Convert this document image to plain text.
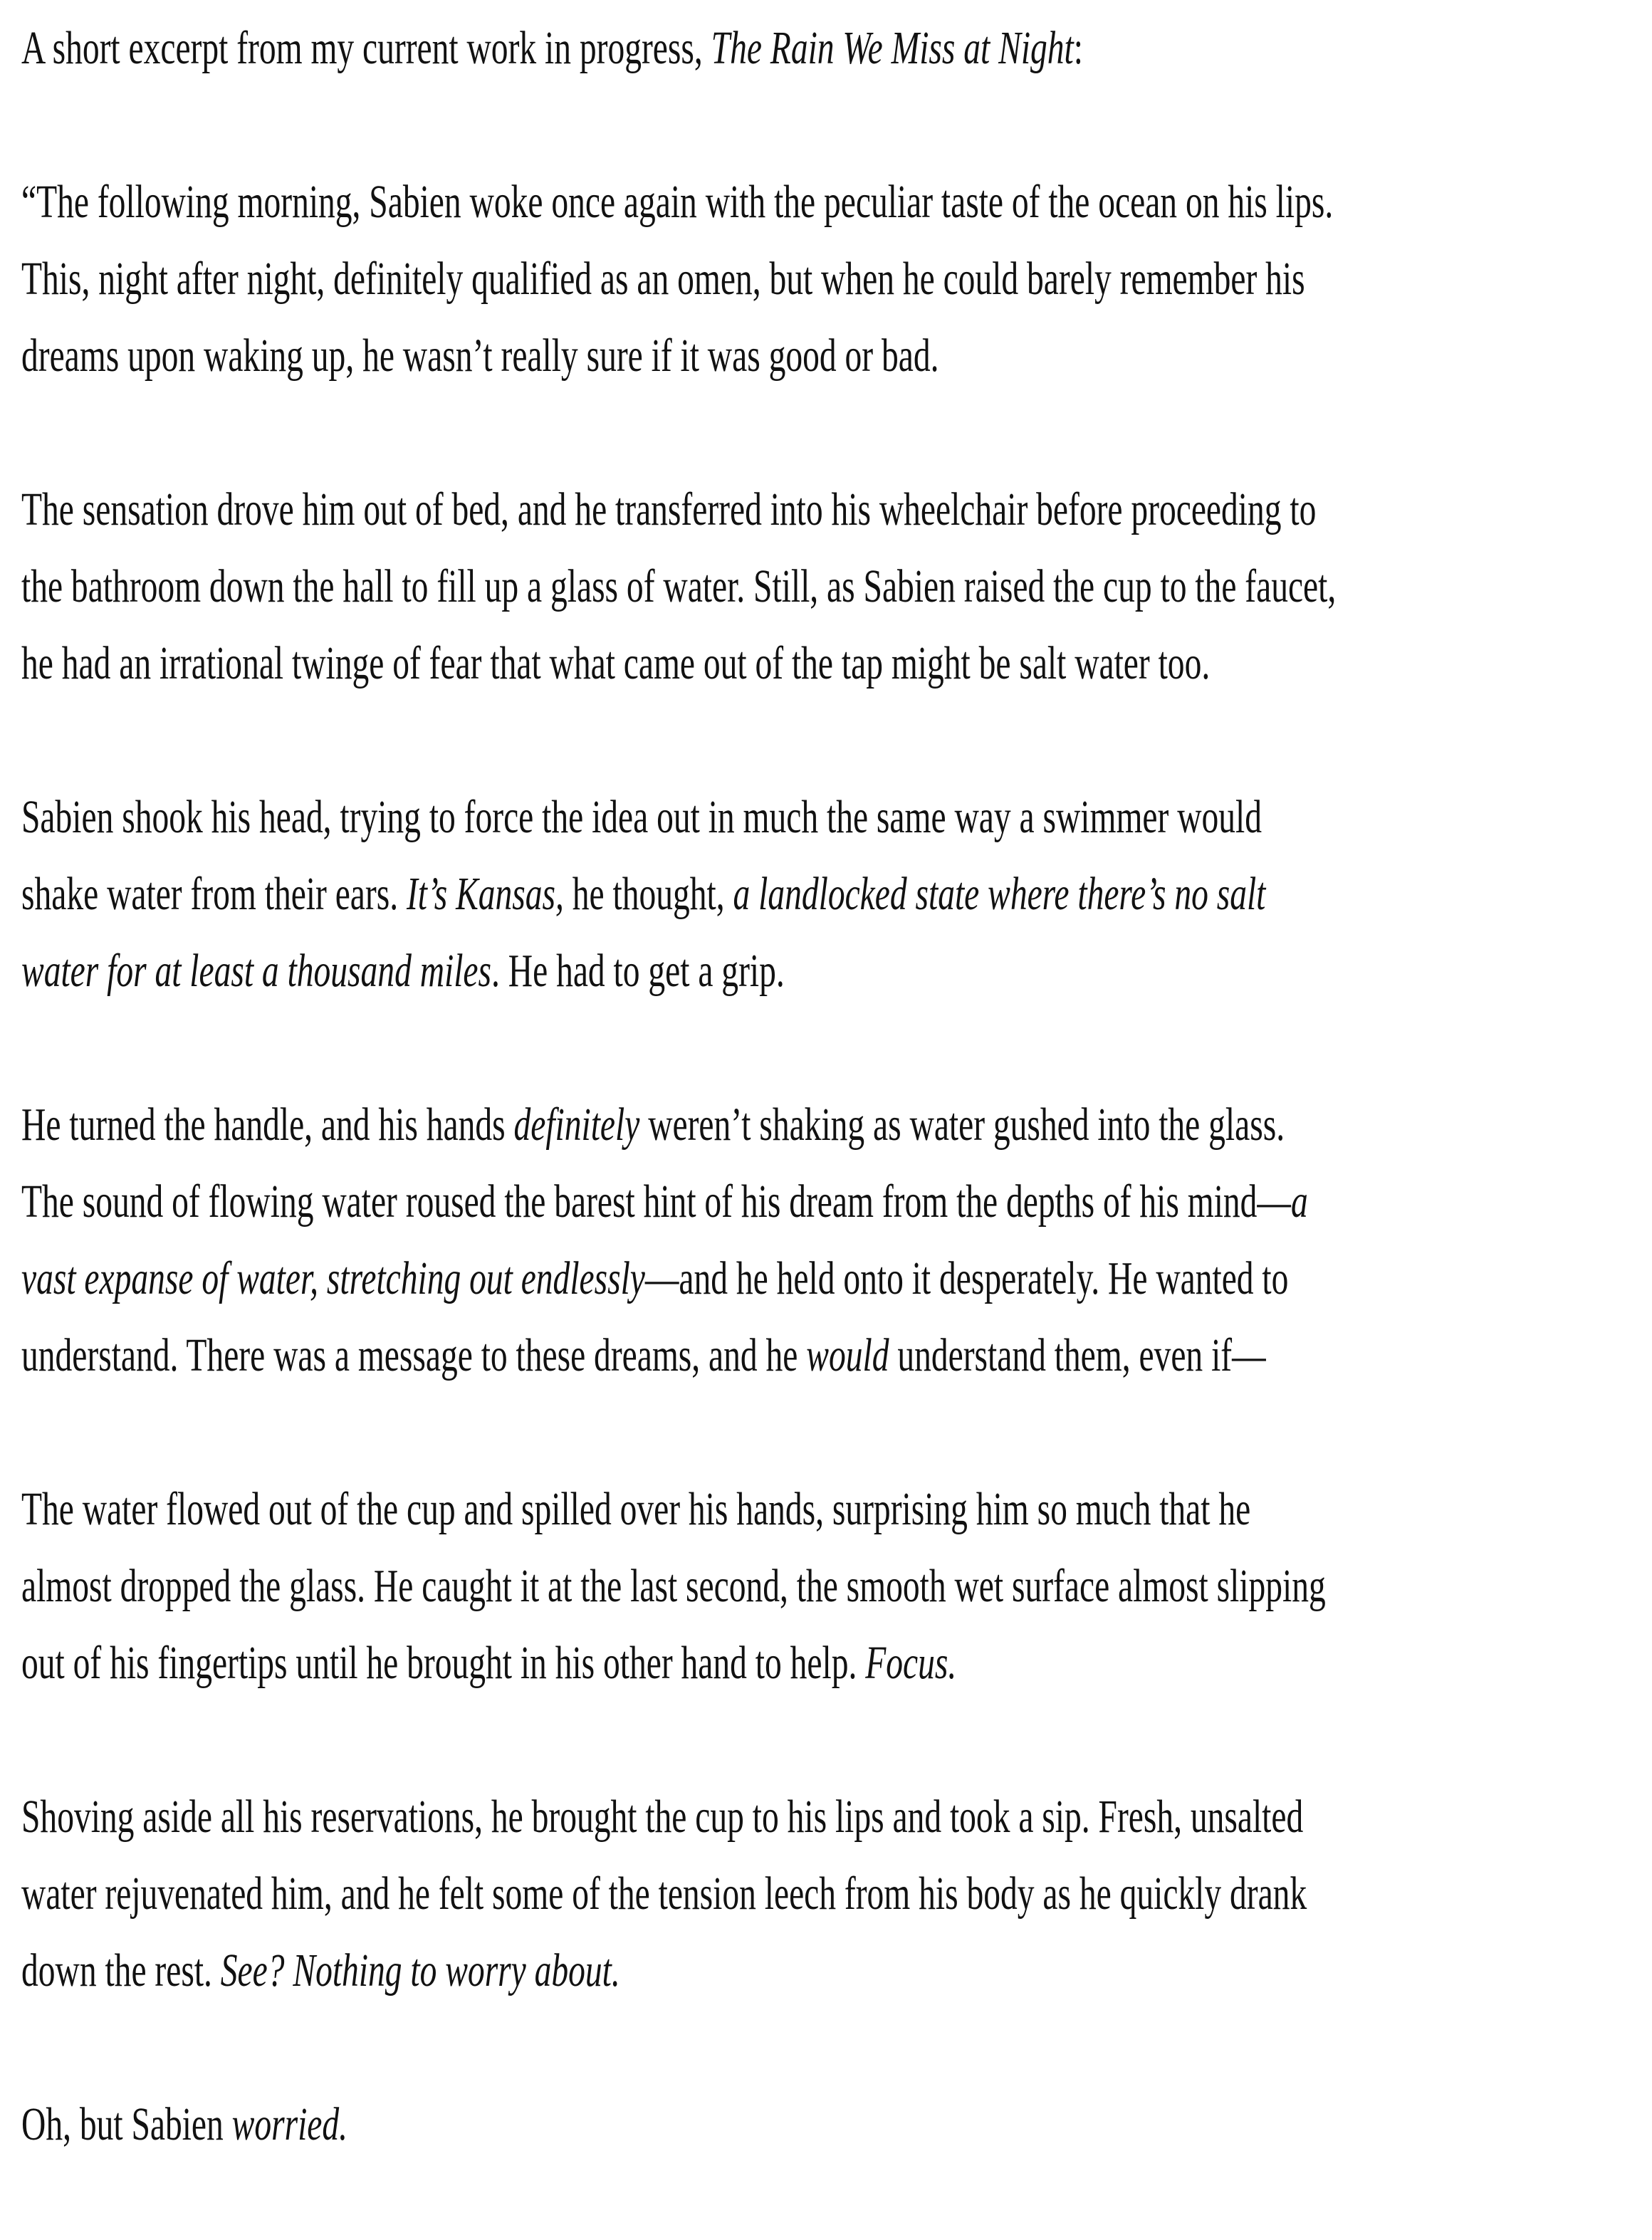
A short excerpt from my current work in progress, The Rain We Miss at Night:

“The following morning, Sabien woke once again with the peculiar taste of the ocean on his lips.
This, night after night, definitely qualified as an omen, but when he could barely remember his
dreams upon waking up, he wasn’t really sure if it was good or bad.

The sensation drove him out of bed, and he transferred into his wheelchair before proceeding to
the bathroom down the hall to fill up a glass of water. Still, as Sabien raised the cup to the faucet,
he had an irrational twinge of fear that what came out of the tap might be salt water too.

Sabien shook his head, trying to force the idea out in much the same way a swimmer would
shake water from their ears. It’s Kansas, he thought, a landlocked state where there’s no salt
water for at least a thousand miles. He had to get a grip.

He turned the handle, and his hands definitely weren’t shaking as water gushed into the glass.
The sound of flowing water roused the barest hint of his dream from the depths of his mind—a
vast expanse of water, stretching out endlessly—and he held onto it desperately. He wanted to
understand. There was a message to these dreams, and he would understand them, even if—

The water flowed out of the cup and spilled over his hands, surprising him so much that he
almost dropped the glass. He caught it at the last second, the smooth wet surface almost slipping
out of his fingertips until he brought in his other hand to help. Focus.

Shoving aside all his reservations, he brought the cup to his lips and took a sip. Fresh, unsalted
water rejuvenated him, and he felt some of the tension leech from his body as he quickly drank
down the rest. See? Nothing to worry about.

Oh, but Sabien worried.
